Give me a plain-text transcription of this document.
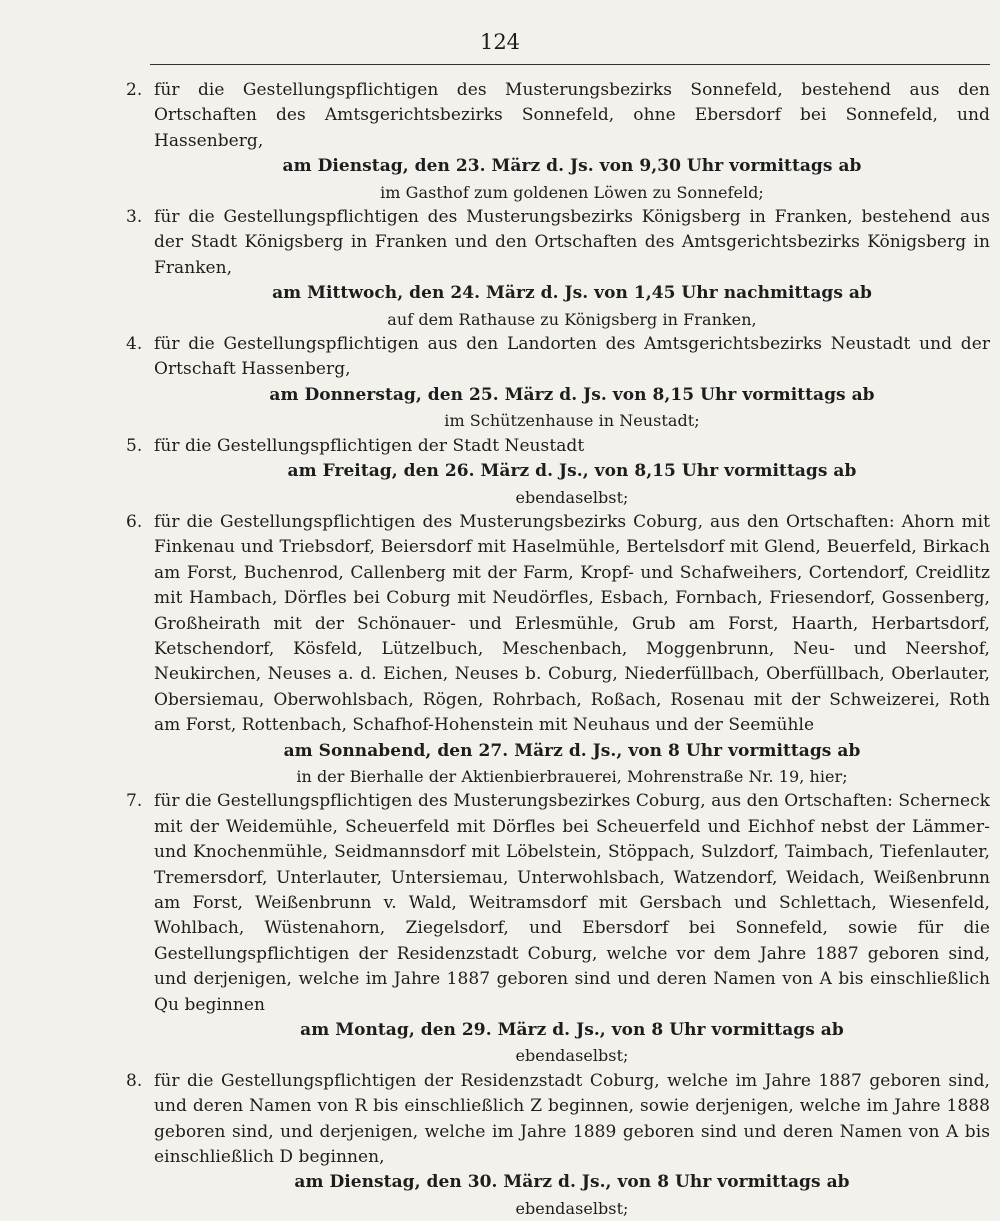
124
2. für die Gestellungspflichtigen des Musterungsbezirks Sonnefeld, bestehend aus den Ortschaften des Amtsgerichtsbezirks Sonnefeld, ohne Ebersdorf bei Sonnefeld, und Hassenberg,
am Dienstag, den 23. März d. Js. von 9,30 Uhr vormittags ab
im Gasthof zum goldenen Löwen zu Sonnefeld;
3. für die Gestellungspflichtigen des Musterungsbezirks Königsberg in Franken, bestehend aus der Stadt Königsberg in Franken und den Ortschaften des Amtsgerichtsbezirks Königsberg in Franken,
am Mittwoch, den 24. März d. Js. von 1,45 Uhr nachmittags ab
auf dem Rathause zu Königsberg in Franken,
4. für die Gestellungspflichtigen aus den Landorten des Amtsgerichtsbezirks Neustadt und der Ortschaft Hassenberg,
am Donnerstag, den 25. März d. Js. von 8,15 Uhr vormittags ab
im Schützenhause in Neustadt;
5. für die Gestellungspflichtigen der Stadt Neustadt
am Freitag, den 26. März d. Js., von 8,15 Uhr vormittags ab
ebendaselbst;
6. für die Gestellungspflichtigen des Musterungsbezirks Coburg, aus den Ortschaften: Ahorn mit Finkenau und Triebsdorf, Beiersdorf mit Haselmühle, Bertelsdorf mit Glend, Beuerfeld, Birkach am Forst, Buchenrod, Callenberg mit der Farm, Kropf- und Schafweihers, Cortendorf, Creidlitz mit Hambach, Dörfles bei Coburg mit Neudörfles, Esbach, Fornbach, Friesendorf, Gossenberg, Großheirath mit der Schönauer- und Erlesmühle, Grub am Forst, Haarth, Herbartsdorf, Ketschendorf, Kösfeld, Lützelbuch, Meschenbach, Moggenbrunn, Neu- und Neershof, Neukirchen, Neuses a. d. Eichen, Neuses b. Coburg, Niederfüllbach, Oberfüllbach, Oberlauter, Obersiemau, Oberwohlsbach, Rögen, Rohrbach, Roßach, Rosenau mit der Schweizerei, Roth am Forst, Rottenbach, Schafhof-Hohenstein mit Neuhaus und der Seemühle
am Sonnabend, den 27. März d. Js., von 8 Uhr vormittags ab
in der Bierhalle der Aktienbierbrauerei, Mohrenstraße Nr. 19, hier;
7. für die Gestellungspflichtigen des Musterungsbezirkes Coburg, aus den Ortschaften: Scherneck mit der Weidemühle, Scheuerfeld mit Dörfles bei Scheuerfeld und Eichhof nebst der Lämmer- und Knochenmühle, Seidmannsdorf mit Löbelstein, Stöppach, Sulzdorf, Taimbach, Tiefenlauter, Tremersdorf, Unterlauter, Untersiemau, Unterwohlsbach, Watzendorf, Weidach, Weißenbrunn am Forst, Weißenbrunn v. Wald, Weitramsdorf mit Gersbach und Schlettach, Wiesenfeld, Wohlbach, Wüstenahorn, Ziegelsdorf, und Ebersdorf bei Sonnefeld, sowie für die Gestellungspflichtigen der Residenzstadt Coburg, welche vor dem Jahre 1887 geboren sind, und derjenigen, welche im Jahre 1887 geboren sind und deren Namen von A bis einschließlich Qu beginnen
am Montag, den 29. März d. Js., von 8 Uhr vormittags ab
ebendaselbst;
8. für die Gestellungspflichtigen der Residenzstadt Coburg, welche im Jahre 1887 geboren sind, und deren Namen von R bis einschließlich Z beginnen, sowie derjenigen, welche im Jahre 1888 geboren sind, und derjenigen, welche im Jahre 1889 geboren sind und deren Namen von A bis einschließlich D beginnen,
am Dienstag, den 30. März d. Js., von 8 Uhr vormittags ab
ebendaselbst;
